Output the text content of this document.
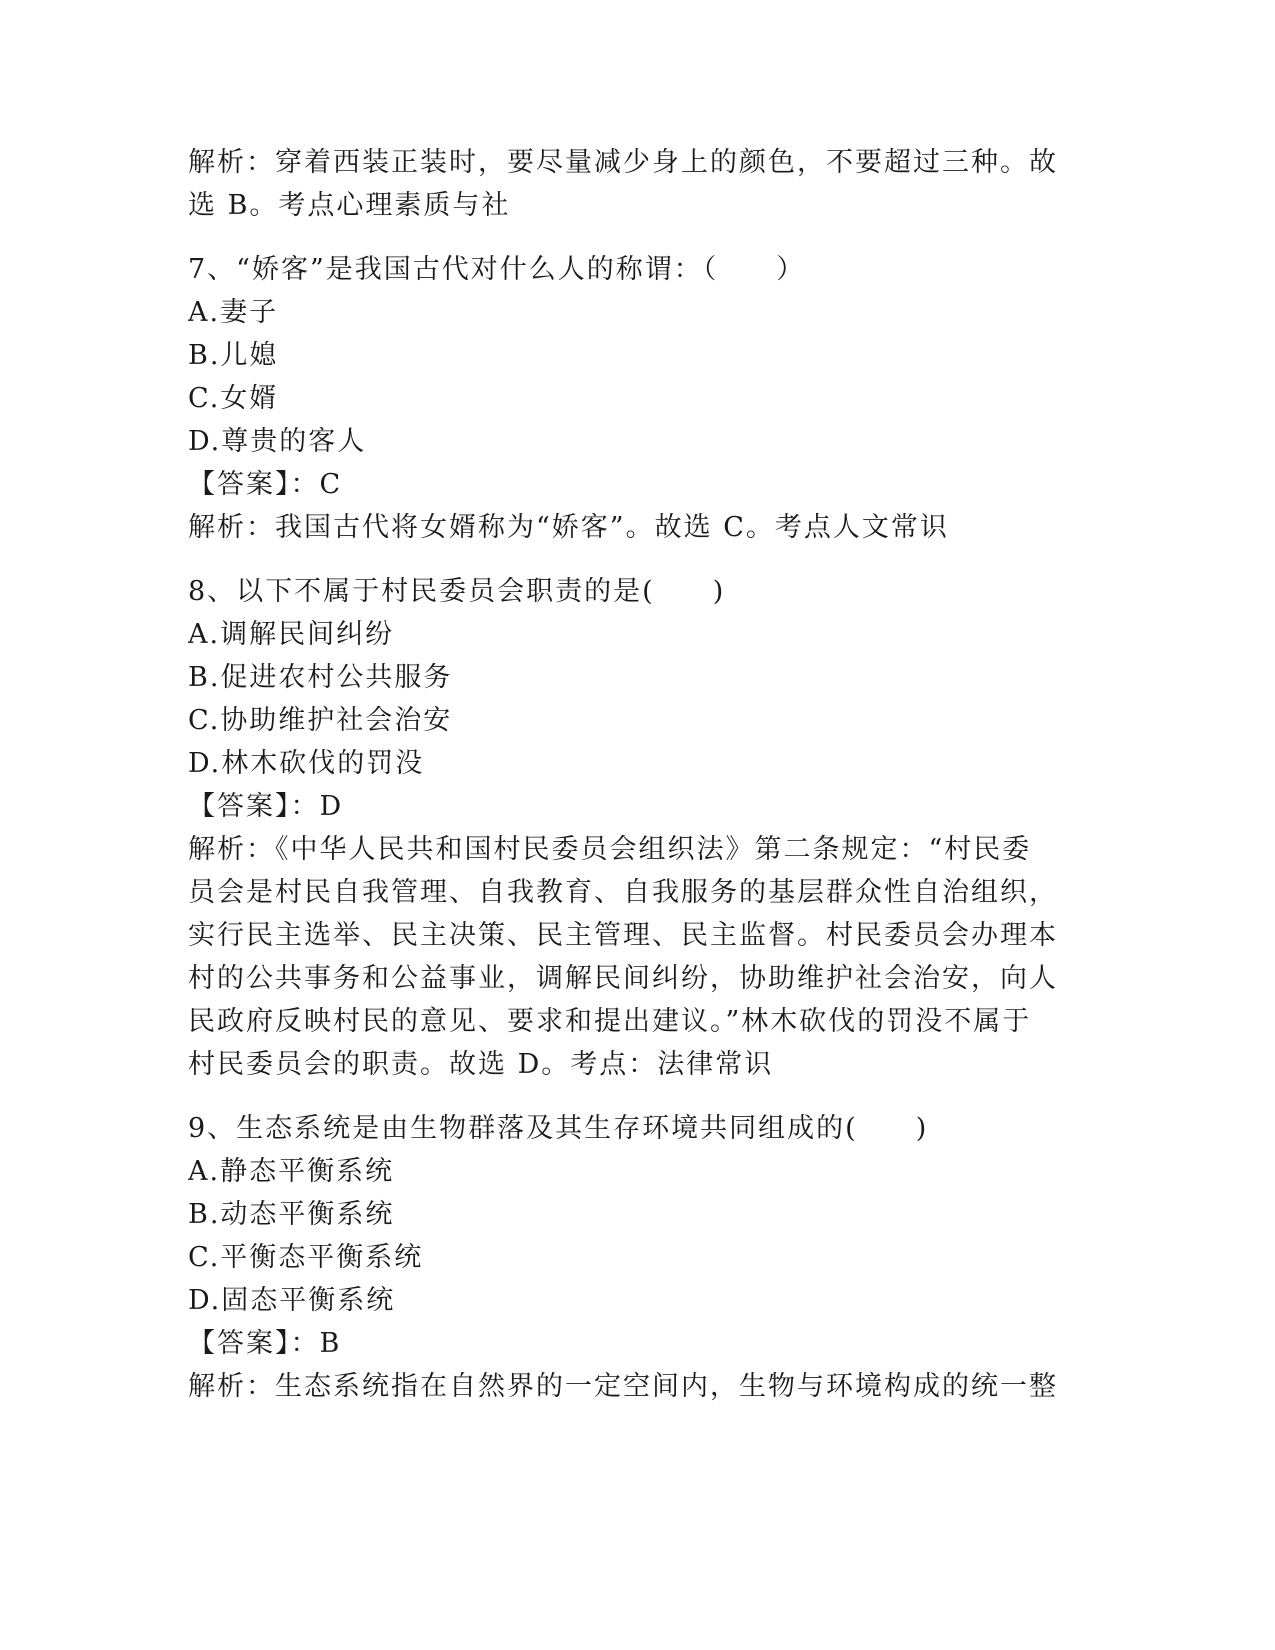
解析：穿着西装正装时，要尽量减少身上的颜色，不要超过三种。故
选 B。考点心理素质与社
7、“娇客”是我国古代对什么人的称谓：（　　）
A.妻子
B.儿媳
C.女婿
D.尊贵的客人
【答案】：C
解析：我国古代将女婿称为“娇客”。故选 C。考点人文常识
8、以下不属于村民委员会职责的是(　　)
A.调解民间纠纷
B.促进农村公共服务
C.协助维护社会治安
D.林木砍伐的罚没
【答案】：D
解析：《中华人民共和国村民委员会组织法》第二条规定：“村民委
员会是村民自我管理、自我教育、自我服务的基层群众性自治组织，
实行民主选举、民主决策、民主管理、民主监督。村民委员会办理本
村的公共事务和公益事业，调解民间纠纷，协助维护社会治安，向人
民政府反映村民的意见、要求和提出建议。”林木砍伐的罚没不属于
村民委员会的职责。故选 D。考点：法律常识
9、生态系统是由生物群落及其生存环境共同组成的(　　)
A.静态平衡系统
B.动态平衡系统
C.平衡态平衡系统
D.固态平衡系统
【答案】：B
解析：生态系统指在自然界的一定空间内，生物与环境构成的统一整
